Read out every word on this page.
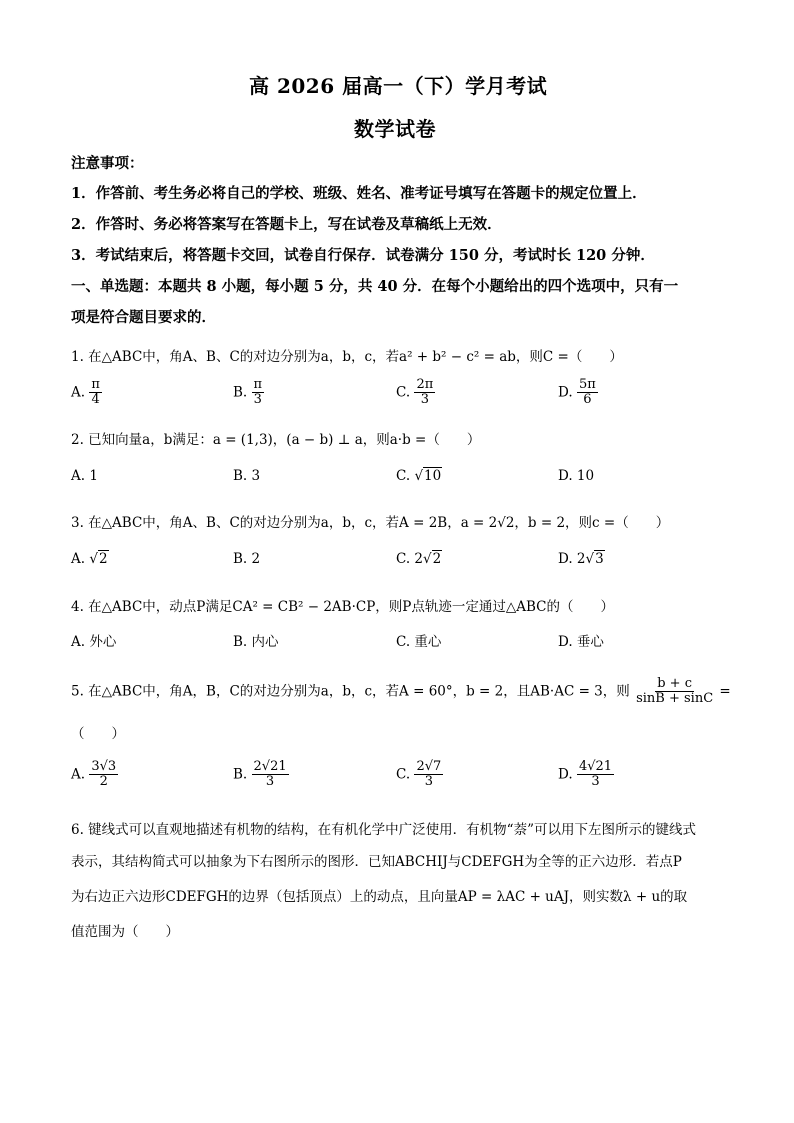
高 2026 届高一（下）学月考试
数学试卷
注意事项：
1．作答前、考生务必将自己的学校、班级、姓名、准考证号填写在答题卡的规定位置上．
2．作答时、务必将答案写在答题卡上，写在试卷及草稿纸上无效．
3．考试结束后，将答题卡交回，试卷自行保存．试卷满分 150 分，考试时长 120 分钟．
一、单选题：本题共 8 小题，每小题 5 分，共 40 分．在每个小题给出的四个选项中，只有一
项是符合题目要求的．
1. 在△ABC中，角A、B、C的对边分别为a，b，c，若a² + b² − c² = ab，则C =（　　）
A. $\frac{\pi}{4}$	B. $\frac{\pi}{3}$	C. $\frac{2\pi}{3}$	D. $\frac{5\pi}{6}$
2. 已知向量a，b满足：a = (1,3)，(a − b) ⊥ a，则a·b =（　　）
A. 1	B. 3	C. √10	D. 10
3. 在△ABC中，角A、B、C的对边分别为a，b，c，若A = 2B，a = 2√2，b = 2，则c =（　　）
A. √2	B. 2	C. 2√2	D. 2√3
4. 在△ABC中，动点P满足CA² = CB² − 2AB·CP，则P点轨迹一定通过△ABC的（　　）
A. 外心	B. 内心	C. 重心	D. 垂心
5. 在△ABC中，角A，B，C的对边分别为a，b，c，若A = 60°，b = 2，且AB·AC = 3，则 $\frac{b + c}{\sin B + \sin C}$ =
（　　）
A. $\frac{3√3}{2}$	B. $\frac{2√21}{3}$	C. $\frac{2√7}{3}$	D. $\frac{4√21}{3}$
6. 键线式可以直观地描述有机物的结构，在有机化学中广泛使用．有机物“萘”可以用下左图所示的键线式
表示，其结构简式可以抽象为下右图所示的图形．已知ABCHIJ与CDEFGH为全等的正六边形．若点P
为右边正六边形CDEFGH的边界（包括顶点）上的动点，且向量AP = λAC + uAJ，则实数λ + u的取
值范围为（　　）
